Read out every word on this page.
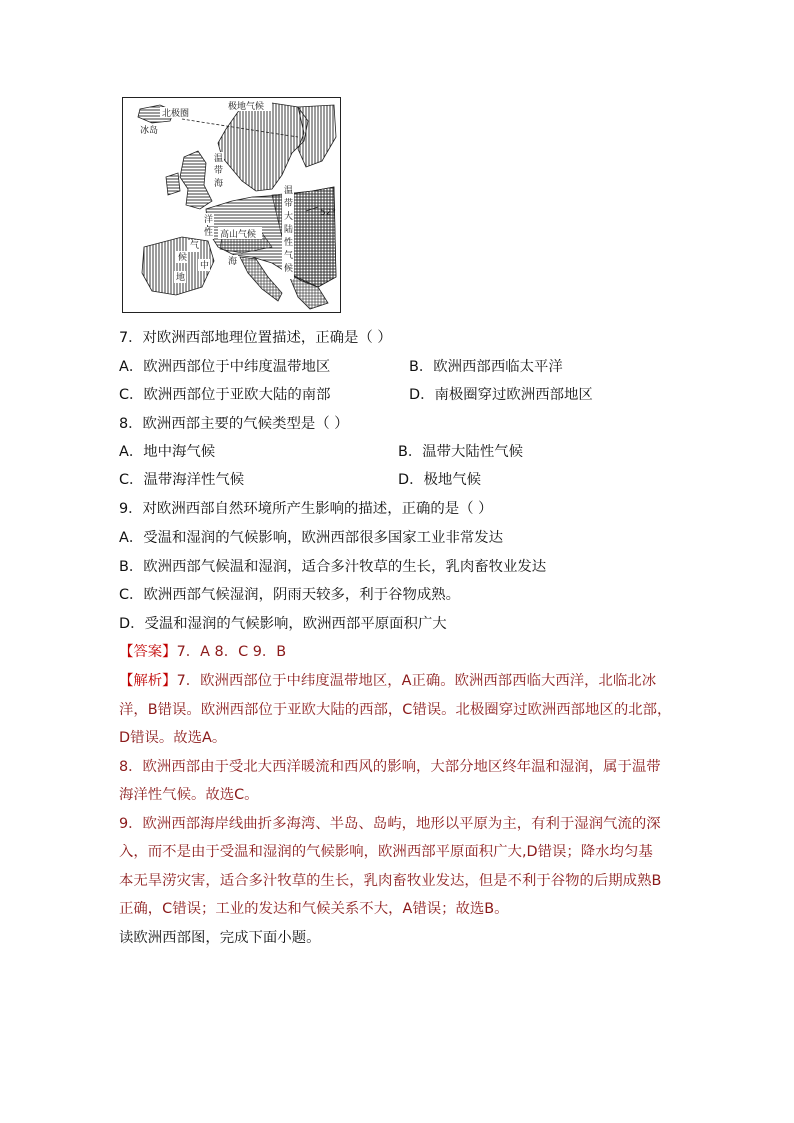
极地气候
北极圈
冰岛
52°
温
带
海
洋
性
气
候
高山气候
地
中 海
温
带
大
陆
性
气
候
7．对欧洲西部地理位置描述，正确是（ ）
A．欧洲西部位于中纬度温带地区	B．欧洲西部西临太平洋
C．欧洲西部位于亚欧大陆的南部	D．南极圈穿过欧洲西部地区
8．欧洲西部主要的气候类型是（ ）
A．地中海气候	B．温带大陆性气候
C．温带海洋性气候	D．极地气候
9．对欧洲西部自然环境所产生影响的描述，正确的是（ ）
A．受温和湿润的气候影响，欧洲西部很多国家工业非常发达
B．欧洲西部气候温和湿润，适合多汁牧草的生长，乳肉畜牧业发达
C．欧洲西部气候湿润，阴雨天较多，利于谷物成熟。
D．受温和湿润的气候影响，欧洲西部平原面积广大
【答案】7．A 8．C 9．B
【解析】7．欧洲西部位于中纬度温带地区，A正确。欧洲西部西临大西洋，北临北冰
洋，B错误。欧洲西部位于亚欧大陆的西部，C错误。北极圈穿过欧洲西部地区的北部，
D错误。故选A。
8．欧洲西部由于受北大西洋暖流和西风的影响，大部分地区终年温和湿润，属于温带
海洋性气候。故选C。
9．欧洲西部海岸线曲折多海湾、半岛、岛屿，地形以平原为主，有利于湿润气流的深
入，而不是由于受温和湿润的气候影响，欧洲西部平原面积广大,D错误；降水均匀基
本无旱涝灾害，适合多汁牧草的生长，乳肉畜牧业发达，但是不利于谷物的后期成熟B
正确，C错误；工业的发达和气候关系不大，A错误；故选B。
读欧洲西部图，完成下面小题。
